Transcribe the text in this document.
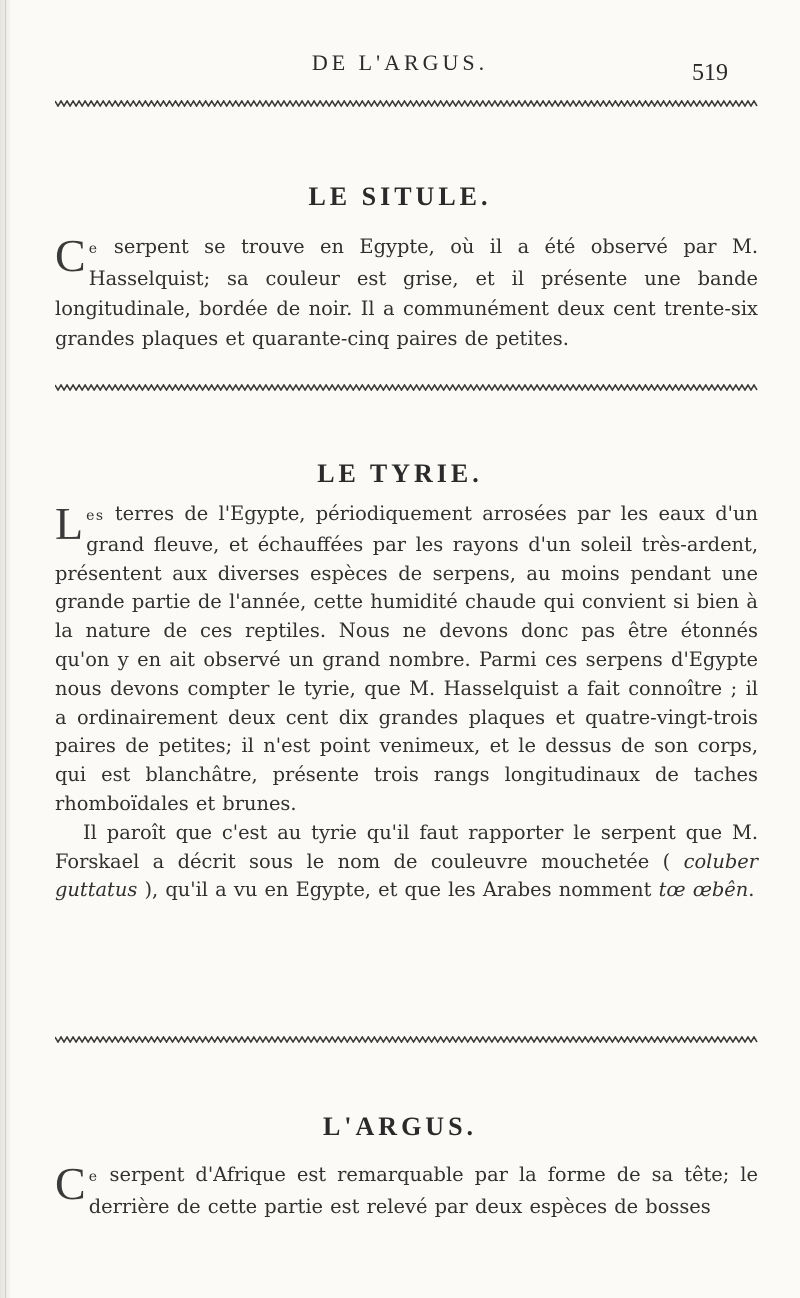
DE L'ARGUS.	519
LE SITULE.

Ce serpent se trouve en Egypte, où il a été observé par M. Hasselquist; sa couleur est grise, et il présente une bande longitudinale, bordée de noir. Il a communément deux cent trente-six grandes plaques et quarante-cinq paires de petites.

LE TYRIE.

Les terres de l'Egypte, périodiquement arrosées par les eaux d'un grand fleuve, et échauffées par les rayons d'un soleil très-ardent, présentent aux diverses espèces de serpens, au moins pendant une grande partie de l'année, cette humidité chaude qui convient si bien à la nature de ces reptiles. Nous ne devons donc pas être étonnés qu'on y en ait observé un grand nombre. Parmi ces serpens d'Egypte nous devons compter le tyrie, que M. Hasselquist a fait connoître ; il a ordinairement deux cent dix grandes plaques et quatre-vingt-trois paires de petites; il n'est point venimeux, et le dessus de son corps, qui est blanchâtre, présente trois rangs longitudinaux de taches rhomboïdales et brunes.
Il paroît que c'est au tyrie qu'il faut rapporter le serpent que M. Forskael a décrit sous le nom de couleuvre mouchetée ( coluber guttatus ), qu'il a vu en Egypte, et que les Arabes nomment tœ œbên.

L'ARGUS.

Ce serpent d'Afrique est remarquable par la forme de sa tête; le derrière de cette partie est relevé par deux espèces de bosses
